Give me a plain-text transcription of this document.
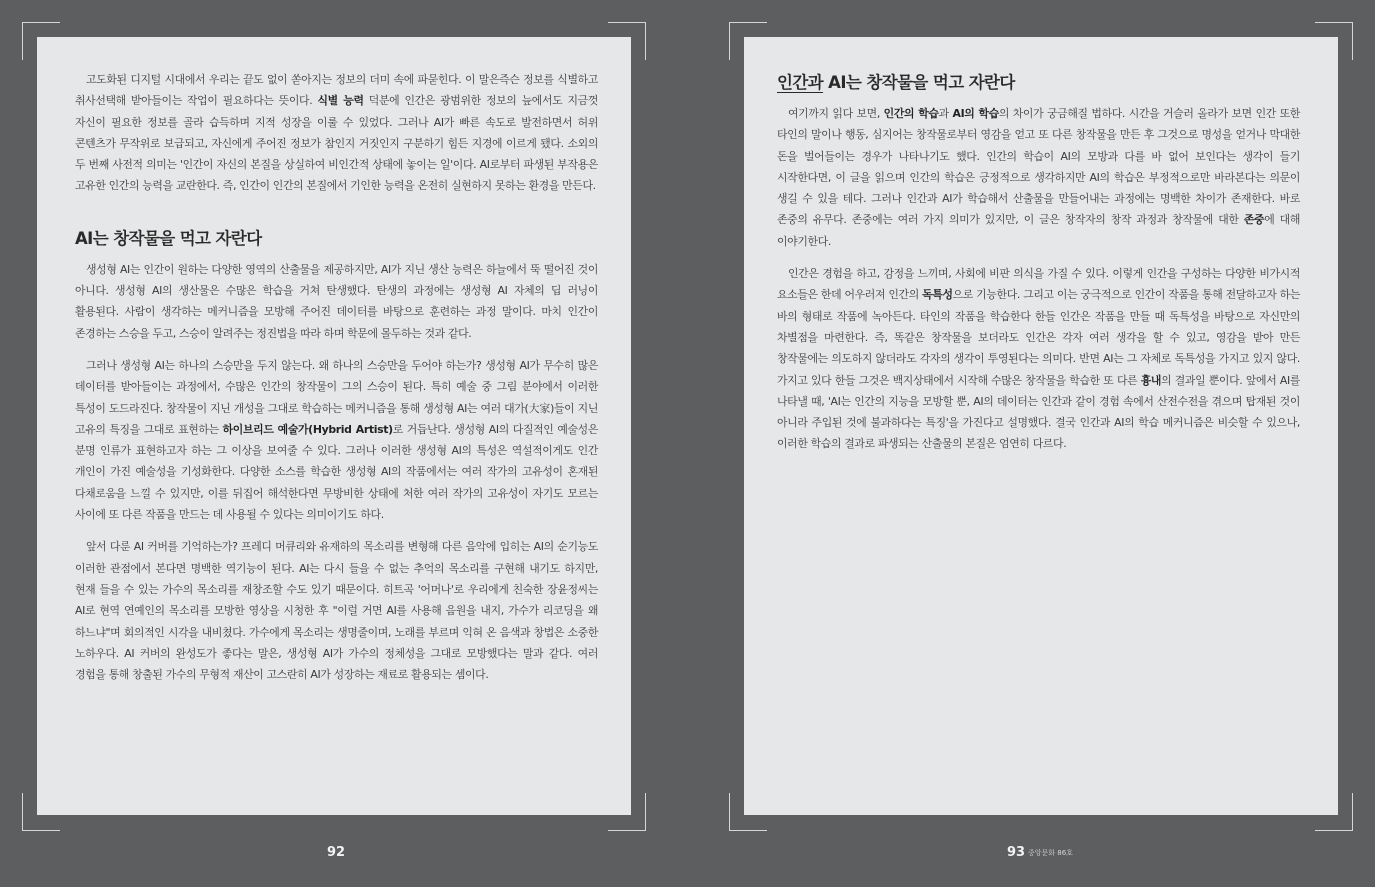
고도화된 디지털 시대에서 우리는 끝도 없이 쏟아지는 정보의 더미 속에 파묻힌다. 이 말은즉슨 정보를 식별하고 취사선택해 받아들이는 작업이 필요하다는 뜻이다. 식별 능력 덕분에 인간은 광범위한 정보의 늪에서도 지금껏 자신이 필요한 정보를 골라 습득하며 지적 성장을 이룰 수 있었다. 그러나 AI가 빠른 속도로 발전하면서 허위 콘텐츠가 무작위로 보급되고, 자신에게 주어진 정보가 참인지 거짓인지 구분하기 힘든 지경에 이르게 됐다. 소외의 두 번째 사전적 의미는 '인간이 자신의 본질을 상실하여 비인간적 상태에 놓이는 일'이다. AI로부터 파생된 부작용은 고유한 인간의 능력을 교란한다. 즉, 인간이 인간의 본질에서 기인한 능력을 온전히 실현하지 못하는 환경을 만든다.

AI는 창작물을 먹고 자란다

생성형 AI는 인간이 원하는 다양한 영역의 산출물을 제공하지만, AI가 지닌 생산 능력은 하늘에서 뚝 떨어진 것이 아니다. 생성형 AI의 생산물은 수많은 학습을 거쳐 탄생했다. 탄생의 과정에는 생성형 AI 자체의 딥 러닝이 활용된다. 사람이 생각하는 메커니즘을 모방해 주어진 데이터를 바탕으로 훈련하는 과정 말이다. 마치 인간이 존경하는 스승을 두고, 스승이 알려주는 정진법을 따라 하며 학문에 몰두하는 것과 같다.

그러나 생성형 AI는 하나의 스승만을 두지 않는다. 왜 하나의 스승만을 두어야 하는가? 생성형 AI가 무수히 많은 데이터를 받아들이는 과정에서, 수많은 인간의 창작물이 그의 스승이 된다. 특히 예술 중 그림 분야에서 이러한 특성이 도드라진다. 창작물이 지닌 개성을 그대로 학습하는 메커니즘을 통해 생성형 AI는 여러 대가(大家)들이 지닌 고유의 특징을 그대로 표현하는 하이브리드 예술가(Hybrid Artist)로 거듭난다. 생성형 AI의 다질적인 예술성은 분명 인류가 표현하고자 하는 그 이상을 보여줄 수 있다. 그러나 이러한 생성형 AI의 특성은 역설적이게도 인간 개인이 가진 예술성을 기성화한다. 다양한 소스를 학습한 생성형 AI의 작품에서는 여러 작가의 고유성이 혼재된 다채로움을 느낄 수 있지만, 이를 뒤집어 해석한다면 무방비한 상태에 처한 여러 작가의 고유성이 자기도 모르는 사이에 또 다른 작품을 만드는 데 사용될 수 있다는 의미이기도 하다.

앞서 다룬 AI 커버를 기억하는가? 프레디 머큐리와 유재하의 목소리를 변형해 다른 음악에 입히는 AI의 순기능도 이러한 관점에서 본다면 명백한 역기능이 된다. AI는 다시 들을 수 없는 추억의 목소리를 구현해 내기도 하지만, 현재 들을 수 있는 가수의 목소리를 재창조할 수도 있기 때문이다. 히트곡 '어머나'로 우리에게 친숙한 장윤정씨는 AI로 현역 연예인의 목소리를 모방한 영상을 시청한 후 "이럴 거면 AI를 사용해 음원을 내지, 가수가 리코딩을 왜 하느냐"며 회의적인 시각을 내비쳤다. 가수에게 목소리는 생명줄이며, 노래를 부르며 익혀 온 음색과 창법은 소중한 노하우다. AI 커버의 완성도가 좋다는 말은, 생성형 AI가 가수의 정체성을 그대로 모방했다는 말과 같다. 여러 경험을 통해 창출된 가수의 무형적 재산이 고스란히 AI가 성장하는 재료로 활용되는 셈이다.

인간과 AI는 창작물을 먹고 자란다

여기까지 읽다 보면, 인간의 학습과 AI의 학습의 차이가 궁금해질 법하다. 시간을 거슬러 올라가 보면 인간 또한 타인의 말이나 행동, 심지어는 창작물로부터 영감을 얻고 또 다른 창작물을 만든 후 그것으로 명성을 얻거나 막대한 돈을 벌어들이는 경우가 나타나기도 했다. 인간의 학습이 AI의 모방과 다를 바 없어 보인다는 생각이 들기 시작한다면, 이 글을 읽으며 인간의 학습은 긍정적으로 생각하지만 AI의 학습은 부정적으로만 바라본다는 의문이 생길 수 있을 테다. 그러나 인간과 AI가 학습해서 산출물을 만들어내는 과정에는 명백한 차이가 존재한다. 바로 존중의 유무다. 존중에는 여러 가지 의미가 있지만, 이 글은 창작자의 창작 과정과 창작물에 대한 존중에 대해 이야기한다.

인간은 경험을 하고, 감정을 느끼며, 사회에 비판 의식을 가질 수 있다. 이렇게 인간을 구성하는 다양한 비가시적 요소들은 한데 어우러져 인간의 독특성으로 기능한다. 그리고 이는 궁극적으로 인간이 작품을 통해 전달하고자 하는 바의 형태로 작품에 녹아든다. 타인의 작품을 학습한다 한들 인간은 작품을 만들 때 독특성을 바탕으로 자신만의 차별점을 마련한다. 즉, 똑같은 창작물을 보더라도 인간은 각자 여러 생각을 할 수 있고, 영감을 받아 만든 창작물에는 의도하지 않더라도 각자의 생각이 투영된다는 의미다. 반면 AI는 그 자체로 독특성을 가지고 있지 않다. 가지고 있다 한들 그것은 백지상태에서 시작해 수많은 창작물을 학습한 또 다른 흉내의 결과일 뿐이다. 앞에서 AI를 나타낼 때, 'AI는 인간의 지능을 모방할 뿐, AI의 데이터는 인간과 같이 경험 속에서 산전수전을 겪으며 탑재된 것이 아니라 주입된 것에 불과하다는 특징'을 가진다고 설명했다. 결국 인간과 AI의 학습 메커니즘은 비슷할 수 있으나, 이러한 학습의 결과로 파생되는 산출물의 본질은 엄연히 다르다.

92	93 중앙문화 86호
